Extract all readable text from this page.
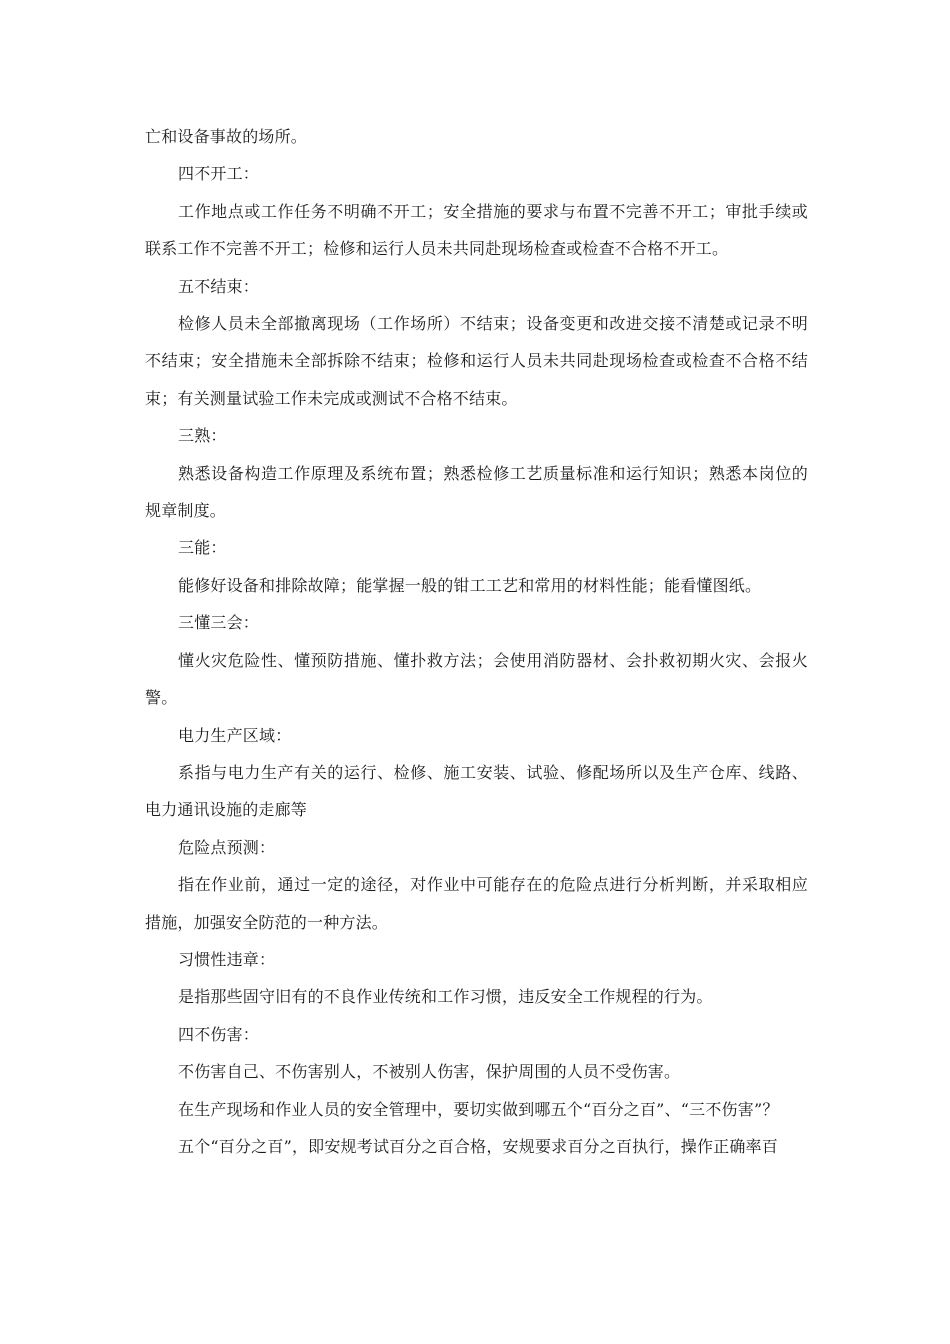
亡和设备事故的场所。

四不开工：

工作地点或工作任务不明确不开工；安全措施的要求与布置不完善不开工；审批手续或联系工作不完善不开工；检修和运行人员未共同赴现场检查或检查不合格不开工。

五不结束：

检修人员未全部撤离现场（工作场所）不结束；设备变更和改进交接不清楚或记录不明不结束；安全措施未全部拆除不结束；检修和运行人员未共同赴现场检查或检查不合格不结束；有关测量试验工作未完成或测试不合格不结束。

三熟：

熟悉设备构造工作原理及系统布置；熟悉检修工艺质量标准和运行知识；熟悉本岗位的规章制度。

三能：

能修好设备和排除故障；能掌握一般的钳工工艺和常用的材料性能；能看懂图纸。

三懂三会：

懂火灾危险性、懂预防措施、懂扑救方法；会使用消防器材、会扑救初期火灾、会报火警。

电力生产区域：

系指与电力生产有关的运行、检修、施工安装、试验、修配场所以及生产仓库、线路、电力通讯设施的走廊等

危险点预测：

指在作业前，通过一定的途径，对作业中可能存在的危险点进行分析判断，并采取相应措施，加强安全防范的一种方法。

习惯性违章：

是指那些固守旧有的不良作业传统和工作习惯，违反安全工作规程的行为。

四不伤害：

不伤害自己、不伤害别人，不被别人伤害，保护周围的人员不受伤害。

在生产现场和作业人员的安全管理中，要切实做到哪五个“百分之百”、“三不伤害”？

五个“百分之百”，即安规考试百分之百合格，安规要求百分之百执行，操作正确率百
